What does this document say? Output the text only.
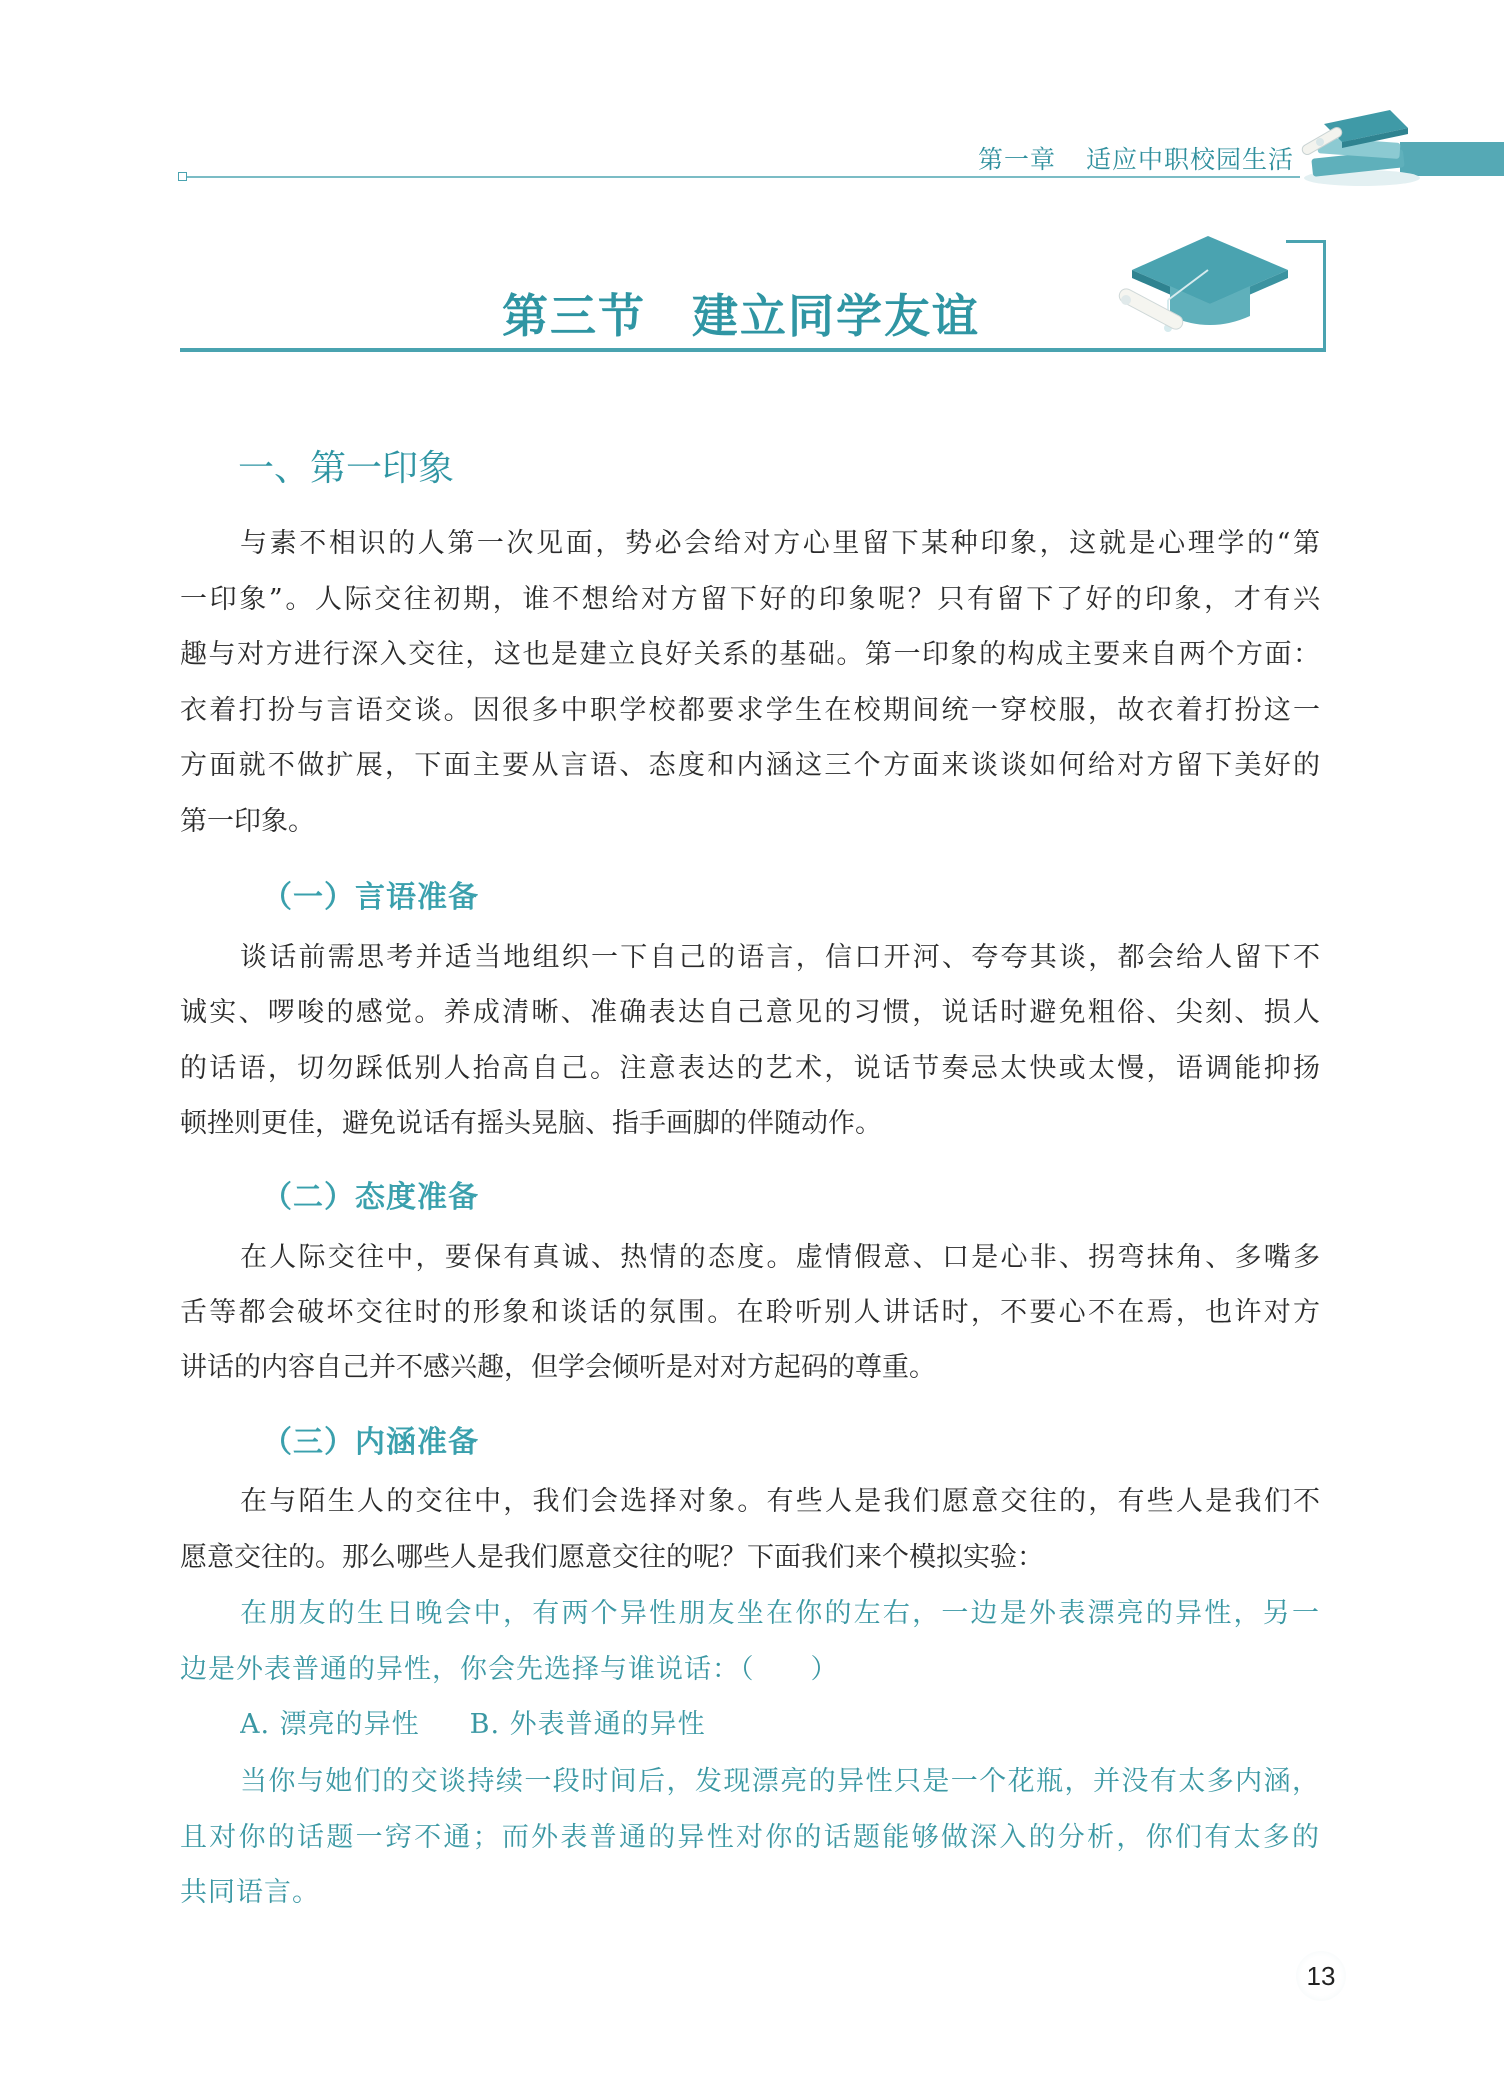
第一章 适应中职校园生活
第三节 建立同学友谊
一、第一印象
与素不相识的人第一次见面，势必会给对方心里留下某种印象，这就是心理学的“第
一印象”。人际交往初期，谁不想给对方留下好的印象呢？只有留下了好的印象，才有兴
趣与对方进行深入交往，这也是建立良好关系的基础。第一印象的构成主要来自两个方面：
衣着打扮与言语交谈。因很多中职学校都要求学生在校期间统一穿校服，故衣着打扮这一
方面就不做扩展，下面主要从言语、态度和内涵这三个方面来谈谈如何给对方留下美好的
第一印象。
（一）言语准备
谈话前需思考并适当地组织一下自己的语言，信口开河、夸夸其谈，都会给人留下不
诚实、啰唆的感觉。养成清晰、准确表达自己意见的习惯，说话时避免粗俗、尖刻、损人
的话语，切勿踩低别人抬高自己。注意表达的艺术，说话节奏忌太快或太慢，语调能抑扬
顿挫则更佳，避免说话有摇头晃脑、指手画脚的伴随动作。
（二）态度准备
在人际交往中，要保有真诚、热情的态度。虚情假意、口是心非、拐弯抹角、多嘴多
舌等都会破坏交往时的形象和谈话的氛围。在聆听别人讲话时，不要心不在焉，也许对方
讲话的内容自己并不感兴趣，但学会倾听是对对方起码的尊重。
（三）内涵准备
在与陌生人的交往中，我们会选择对象。有些人是我们愿意交往的，有些人是我们不
愿意交往的。那么哪些人是我们愿意交往的呢？下面我们来个模拟实验：
在朋友的生日晚会中，有两个异性朋友坐在你的左右，一边是外表漂亮的异性，另一
边是外表普通的异性，你会先选择与谁说话：（　　）
A. 漂亮的异性 B. 外表普通的异性
当你与她们的交谈持续一段时间后，发现漂亮的异性只是一个花瓶，并没有太多内涵，
且对你的话题一窍不通；而外表普通的异性对你的话题能够做深入的分析，你们有太多的
共同语言。
13
